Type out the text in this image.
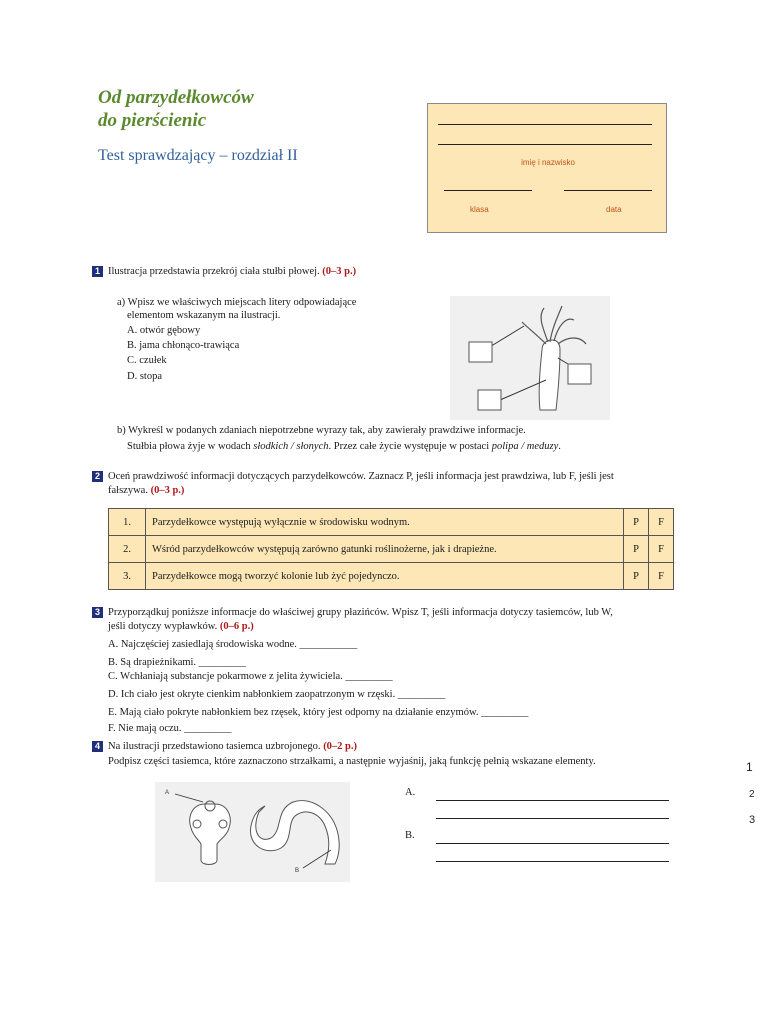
Od parzydełkowców
do pierścienic
Test sprawdzający – rozdział II	imię i nazwisko
klasa	data
1 Ilustracja przedstawia przekrój ciała stułbi płowej. (0–3 p.)
a) Wpisz we właściwych miejscach litery odpowiadające
elementom wskazanym na ilustracji.
A. otwór gębowy
B. jama chłonąco-trawiąca
C. czułek
D. stopa
b) Wykreśl w podanych zdaniach niepotrzebne wyrazy tak, aby zawierały prawdziwe informacje.
Stułbia płowa żyje w wodach słodkich / słonych. Przez całe życie występuje w postaci polipa / meduzy.
2 Oceń prawdziwość informacji dotyczących parzydełkowców. Zaznacz P, jeśli informacja jest prawdziwa, lub F, jeśli jest
fałszywa. (0–3 p.)
1.	Parzydełkowce występują wyłącznie w środowisku wodnym.	P	F
2.	Wśród parzydełkowców występują zarówno gatunki roślinożerne, jak i drapieżne.	P	F
3.	Parzydełkowce mogą tworzyć kolonie lub żyć pojedynczo.	P	F
3 Przyporządkuj poniższe informacje do właściwej grupy płazińców. Wpisz T, jeśli informacja dotyczy tasiemców, lub W,
jeśli dotyczy wypławków. (0–6 p.)
A. Najczęściej zasiedlają środowiska wodne. ___________
B. Są drapieżnikami. _________
C. Wchłaniają substancje pokarmowe z jelita żywiciela. _________
D. Ich ciało jest okryte cienkim nabłonkiem zaopatrzonym w rzęski. _________
E. Mają ciało pokryte nabłonkiem bez rzęsek, który jest odporny na działanie enzymów. _________
F. Nie mają oczu. _________
4 Na ilustracji przedstawiono tasiemca uzbrojonego. (0–2 p.)
Podpisz części tasiemca, które zaznaczono strzałkami, a następnie wyjaśnij, jaką funkcję pełnią wskazane elementy.
A
B
A.
B.
1
2
3
